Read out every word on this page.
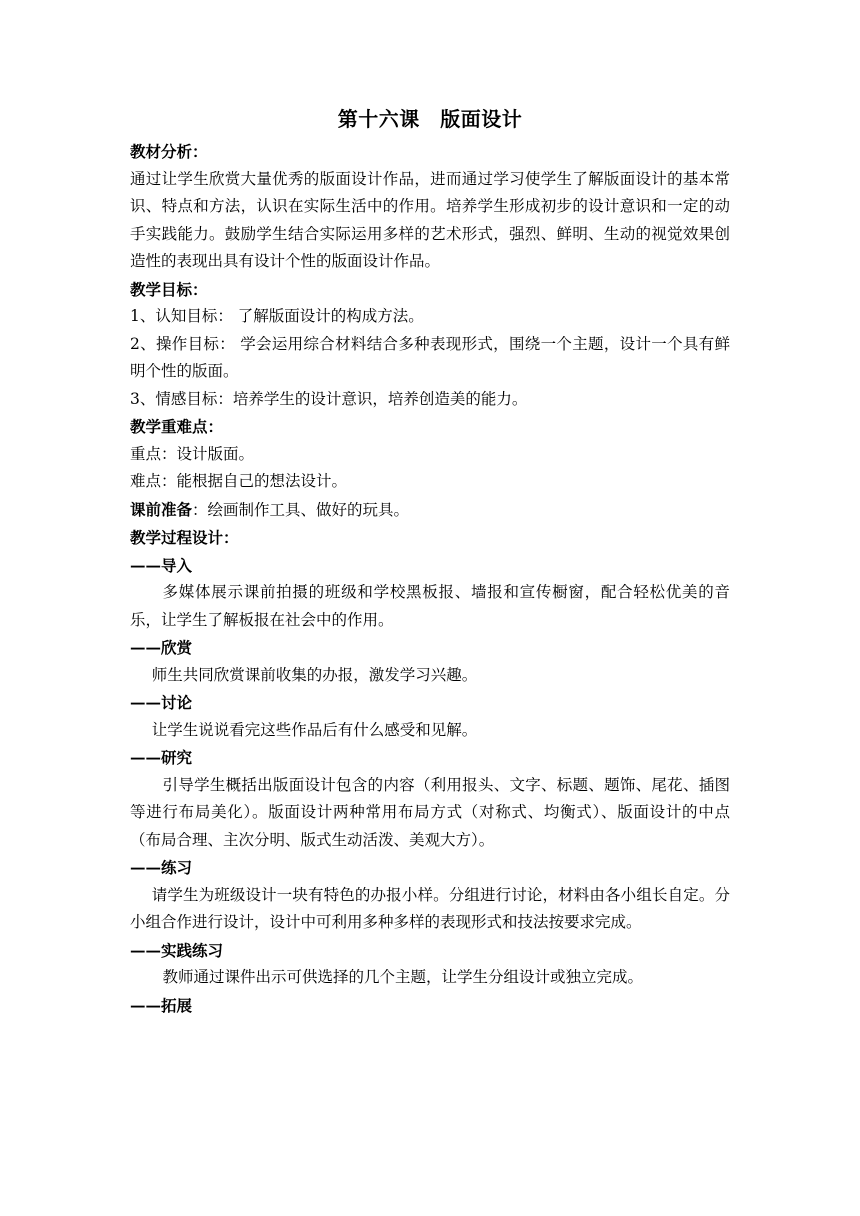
第十六课　版面设计

教材分析：

通过让学生欣赏大量优秀的版面设计作品，进而通过学习使学生了解版面设计的基本常识、特点和方法，认识在实际生活中的作用。培养学生形成初步的设计意识和一定的动手实践能力。鼓励学生结合实际运用多样的艺术形式，强烈、鲜明、生动的视觉效果创造性的表现出具有设计个性的版面设计作品。

教学目标：

1、认知目标： 了解版面设计的构成方法。

2、操作目标： 学会运用综合材料结合多种表现形式，围绕一个主题，设计一个具有鲜明个性的版面。

3、情感目标：培养学生的设计意识，培养创造美的能力。

教学重难点：

重点：设计版面。

难点：能根据自己的想法设计。

课前准备：绘画制作工具、做好的玩具。

教学过程设计：

——导入

多媒体展示课前拍摄的班级和学校黑板报、墙报和宣传橱窗，配合轻松优美的音乐，让学生了解板报在社会中的作用。

——欣赏

师生共同欣赏课前收集的办报，激发学习兴趣。

——讨论

让学生说说看完这些作品后有什么感受和见解。

——研究

引导学生概括出版面设计包含的内容（利用报头、文字、标题、题饰、尾花、插图等进行布局美化）。版面设计两种常用布局方式（对称式、均衡式）、版面设计的中点（布局合理、主次分明、版式生动活泼、美观大方）。

——练习

请学生为班级设计一块有特色的办报小样。分组进行讨论，材料由各小组长自定。分小组合作进行设计，设计中可利用多种多样的表现形式和技法按要求完成。

——实践练习

教师通过课件出示可供选择的几个主题，让学生分组设计或独立完成。

——拓展
